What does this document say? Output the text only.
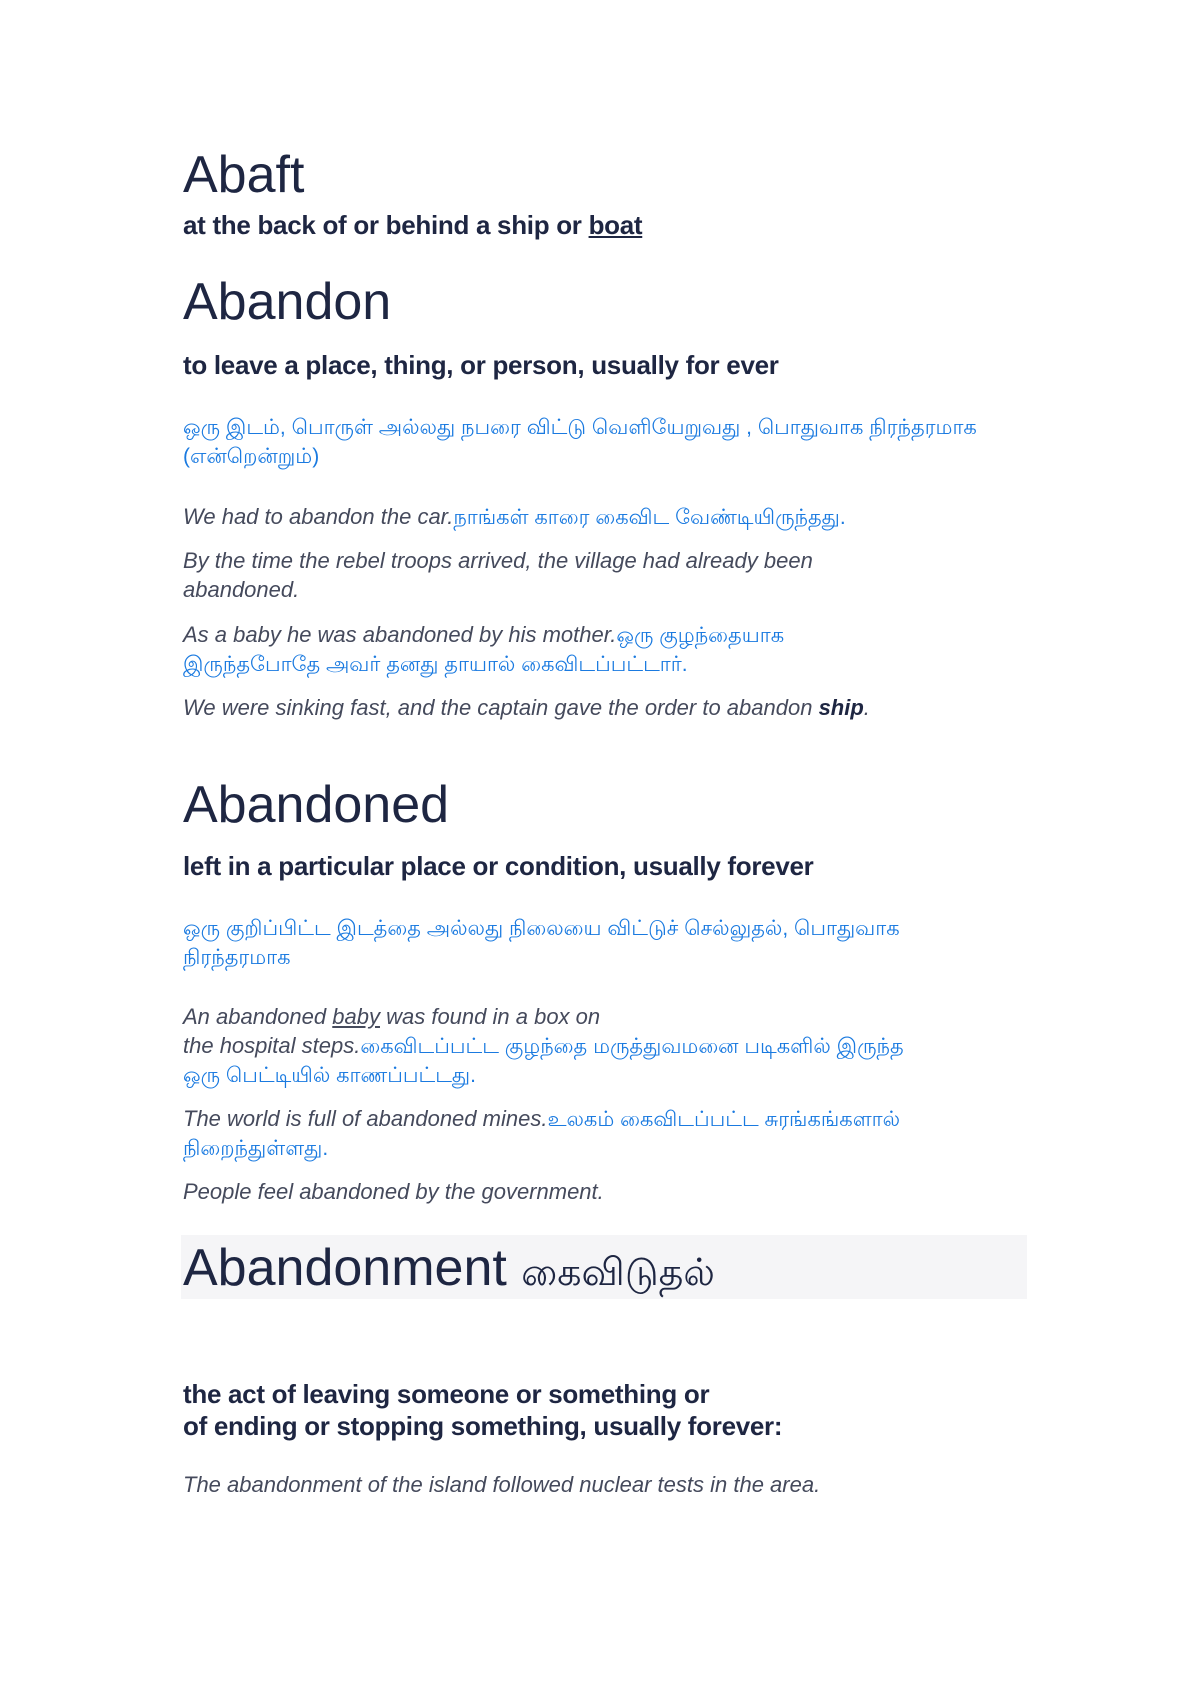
Abaft
at the back of or behind a ship or boat
Abandon
to leave a place, thing, or person, usually for ever
ஒரு இடம், பொருள் அல்லது நபரை விட்டு வெளியேறுவது , பொதுவாக நிரந்தரமாக
(என்றென்றும்)
We had to abandon the car.நாங்கள் காரை கைவிட வேண்டியிருந்தது.
By the time the rebel troops arrived, the village had already been
abandoned.
As a baby he was abandoned by his mother.ஒரு குழந்தையாக
இருந்தபோதே அவர் தனது தாயால் கைவிடப்பட்டார்.
We were sinking fast, and the captain gave the order to abandon ship.
Abandoned
left in a particular place or condition, usually forever
ஒரு குறிப்பிட்ட இடத்தை அல்லது நிலையை விட்டுச் செல்லுதல், பொதுவாக
நிரந்தரமாக
An abandoned baby was found in a box on
the hospital steps.கைவிடப்பட்ட குழந்தை மருத்துவமனை படிகளில் இருந்த
ஒரு பெட்டியில் காணப்பட்டது.
The world is full of abandoned mines.உலகம் கைவிடப்பட்ட சுரங்கங்களால்
நிறைந்துள்ளது.
People feel abandoned by the government.
Abandonment கைவிடுதல்
the act of leaving someone or something or
of ending or stopping something, usually forever:
The abandonment of the island followed nuclear tests in the area.
